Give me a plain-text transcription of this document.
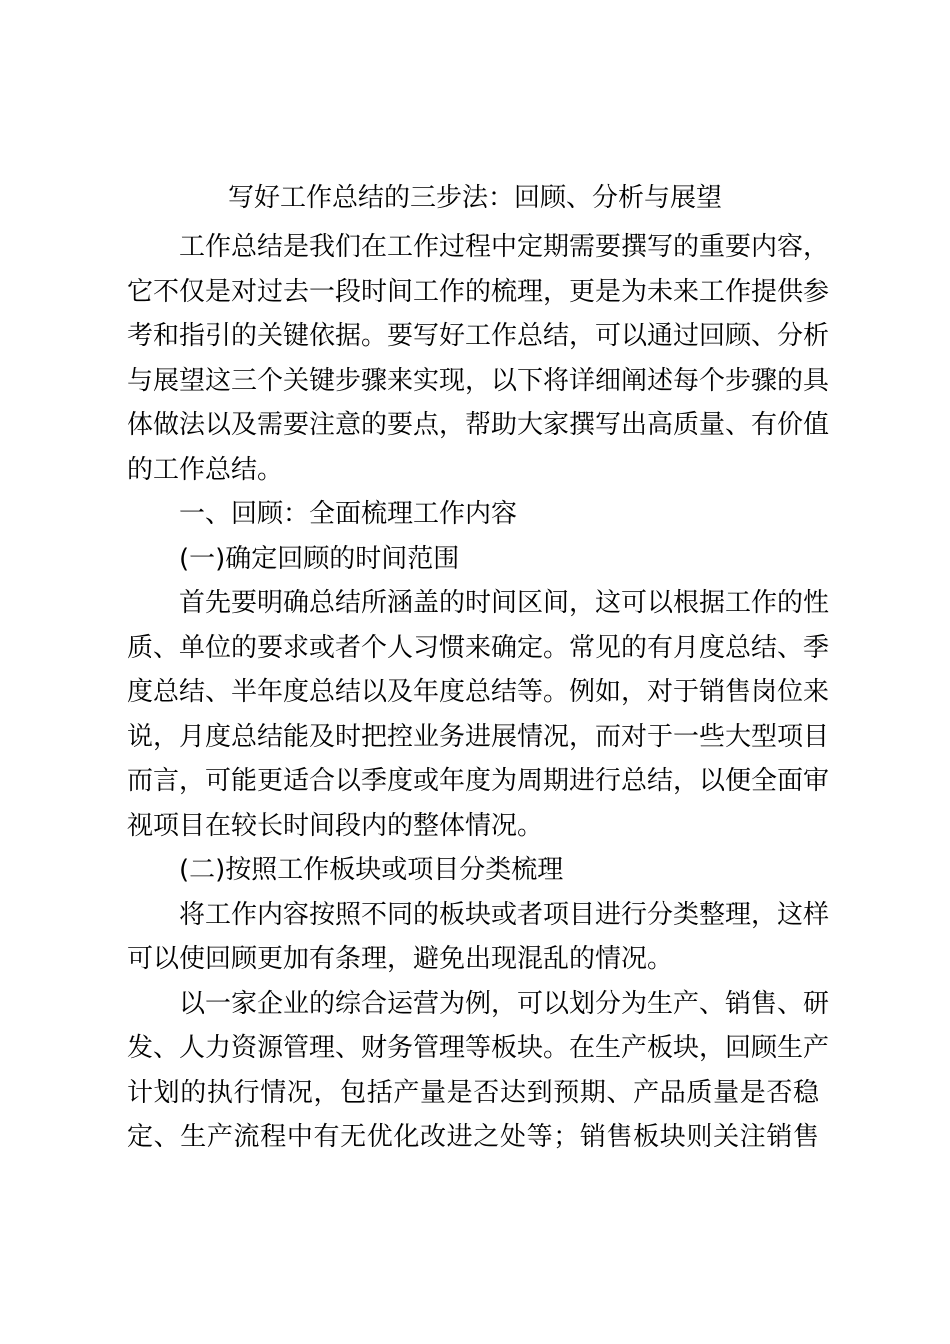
写好工作总结的三步法：回顾、分析与展望
工作总结是我们在工作过程中定期需要撰写的重要内容，
它不仅是对过去一段时间工作的梳理，更是为未来工作提供参
考和指引的关键依据。要写好工作总结，可以通过回顾、分析
与展望这三个关键步骤来实现，以下将详细阐述每个步骤的具
体做法以及需要注意的要点，帮助大家撰写出高质量、有价值
的工作总结。
一、回顾：全面梳理工作内容
(一)确定回顾的时间范围
首先要明确总结所涵盖的时间区间，这可以根据工作的性
质、单位的要求或者个人习惯来确定。常见的有月度总结、季
度总结、半年度总结以及年度总结等。例如，对于销售岗位来
说，月度总结能及时把控业务进展情况，而对于一些大型项目
而言，可能更适合以季度或年度为周期进行总结，以便全面审
视项目在较长时间段内的整体情况。
(二)按照工作板块或项目分类梳理
将工作内容按照不同的板块或者项目进行分类整理，这样
可以使回顾更加有条理，避免出现混乱的情况。
以一家企业的综合运营为例，可以划分为生产、销售、研
发、人力资源管理、财务管理等板块。在生产板块，回顾生产
计划的执行情况，包括产量是否达到预期、产品质量是否稳
定、生产流程中有无优化改进之处等；销售板块则关注销售
